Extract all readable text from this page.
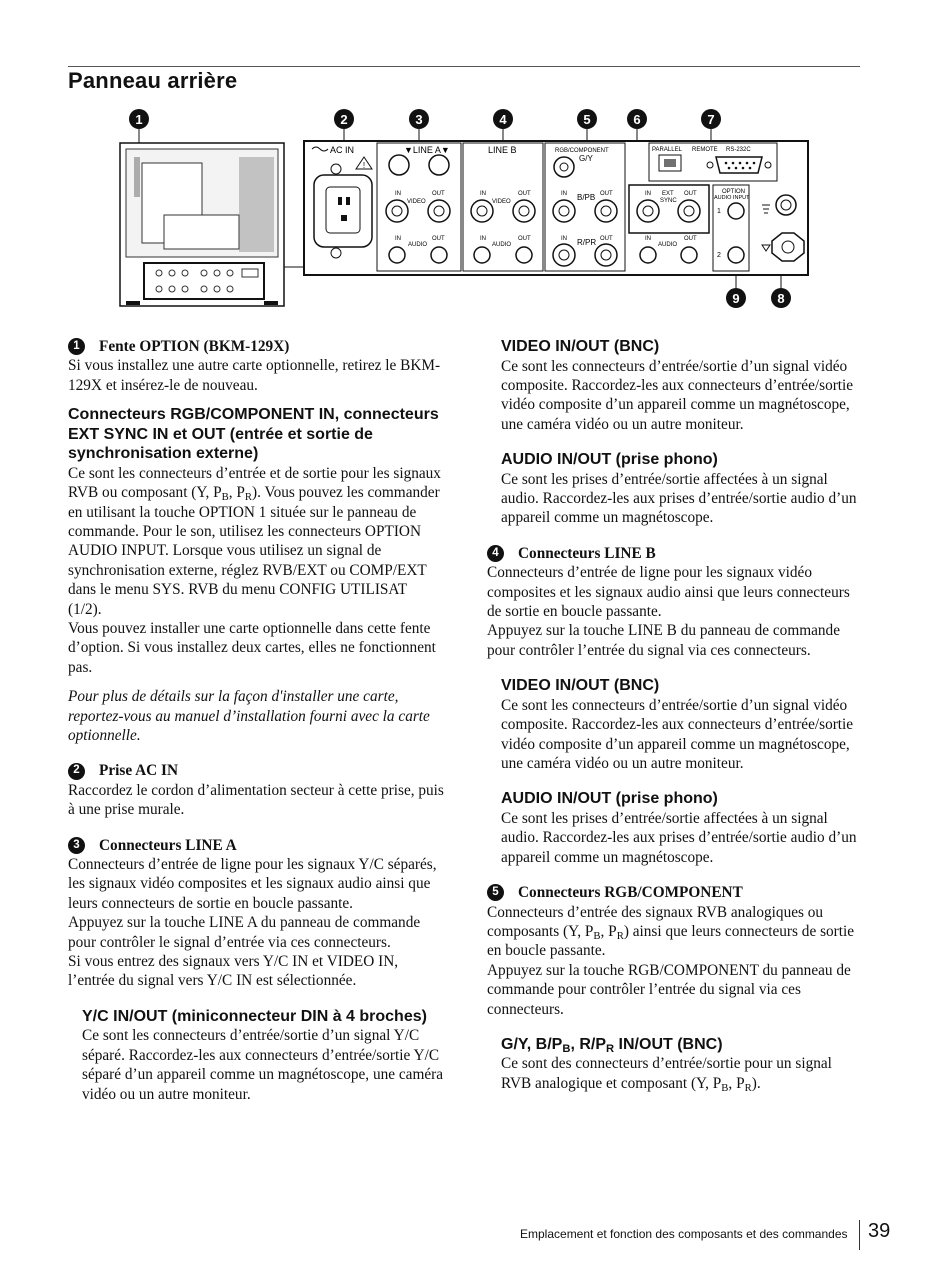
Panneau arrière
1	2	3	4	5	6	7
9	8
AC IN
!
▼LINE A▼
IN	OUT
VIDEO
IN	OUT
AUDIO
LINE B
IN	OUT
VIDEO
IN	OUT
AUDIO
RGB/COMPONENT
G/Y
IN	OUT
B/PB
IN	OUT
R/PR
PARALLEL REMOTE RS-232C
IN EXT OUT
SYNC
IN	OUT
AUDIO
OPTION
AUDIO INPUT
1
2
1	Fente OPTION (BKM-129X)

Si vous installez une autre carte optionnelle, retirez le BKM-129X et insérez-le de nouveau.

Connecteurs RGB/COMPONENT IN, connecteurs EXT SYNC IN et OUT (entrée et sortie de synchronisation externe)

Ce sont les connecteurs d’entrée et de sortie pour les signaux RVB ou composant (Y, $P_B$, $P_R$). Vous pouvez les commander en utilisant la touche OPTION 1 située sur le panneau de commande. Pour le son, utilisez les connecteurs OPTION AUDIO INPUT. Lorsque vous utilisez un signal de synchronisation externe, réglez RVB/EXT ou COMP/EXT dans le menu SYS. RVB du menu CONFIG UTILISAT (1/2).

Vous pouvez installer une carte optionnelle dans cette fente d’option. Si vous installez deux cartes, elles ne fonctionnent pas.

Pour plus de détails sur la façon d'installer une carte, reportez-vous au manuel d’installation fourni avec la carte optionnelle.

2	Prise AC IN

Raccordez le cordon d’alimentation secteur à cette prise, puis à une prise murale.

3	Connecteurs LINE A

Connecteurs d’entrée de ligne pour les signaux Y/C séparés, les signaux vidéo composites et les signaux audio ainsi que leurs connecteurs de sortie en boucle passante.

Appuyez sur la touche LINE A du panneau de commande pour contrôler le signal d’entrée via ces connecteurs.

Si vous entrez des signaux vers Y/C IN et VIDEO IN, l’entrée du signal vers Y/C IN est sélectionnée.

Y/C IN/OUT (miniconnecteur DIN à 4 broches)

Ce sont les connecteurs d’entrée/sortie d’un signal Y/C séparé. Raccordez-les aux connecteurs d’entrée/sortie Y/C séparé d’un appareil comme un magnétoscope, une caméra vidéo ou un autre moniteur.

VIDEO IN/OUT (BNC)

Ce sont les connecteurs d’entrée/sortie d’un signal vidéo composite. Raccordez-les aux connecteurs d’entrée/sortie vidéo composite d’un appareil comme un magnétoscope, une caméra vidéo ou un autre moniteur.

AUDIO IN/OUT (prise phono)

Ce sont les prises d’entrée/sortie affectées à un signal audio. Raccordez-les aux prises d’entrée/sortie audio d’un appareil comme un magnétoscope.

4	Connecteurs LINE B

Connecteurs d’entrée de ligne pour les signaux vidéo composites et les signaux audio ainsi que leurs connecteurs de sortie en boucle passante.

Appuyez sur la touche LINE B du panneau de commande pour contrôler l’entrée du signal via ces connecteurs.

VIDEO IN/OUT (BNC)

Ce sont les connecteurs d’entrée/sortie d’un signal vidéo composite. Raccordez-les aux connecteurs d’entrée/sortie vidéo composite d’un appareil comme un magnétoscope, une caméra vidéo ou un autre moniteur.

AUDIO IN/OUT (prise phono)

Ce sont les prises d’entrée/sortie affectées à un signal audio. Raccordez-les aux prises d’entrée/sortie audio d’un appareil comme un magnétoscope.

5	Connecteurs RGB/COMPONENT

Connecteurs d’entrée des signaux RVB analogiques ou composants (Y, $P_B$, $P_R$) ainsi que leurs connecteurs de sortie en boucle passante.

Appuyez sur la touche RGB/COMPONENT du panneau de commande pour contrôler l’entrée du signal via ces connecteurs.

G/Y, $B/P_B$, $R/P_R$ IN/OUT (BNC)

Ce sont des connecteurs d’entrée/sortie pour un signal RVB analogique et composant (Y, $P_B$, $P_R$).

Emplacement et fonction des composants et des commandes 39
